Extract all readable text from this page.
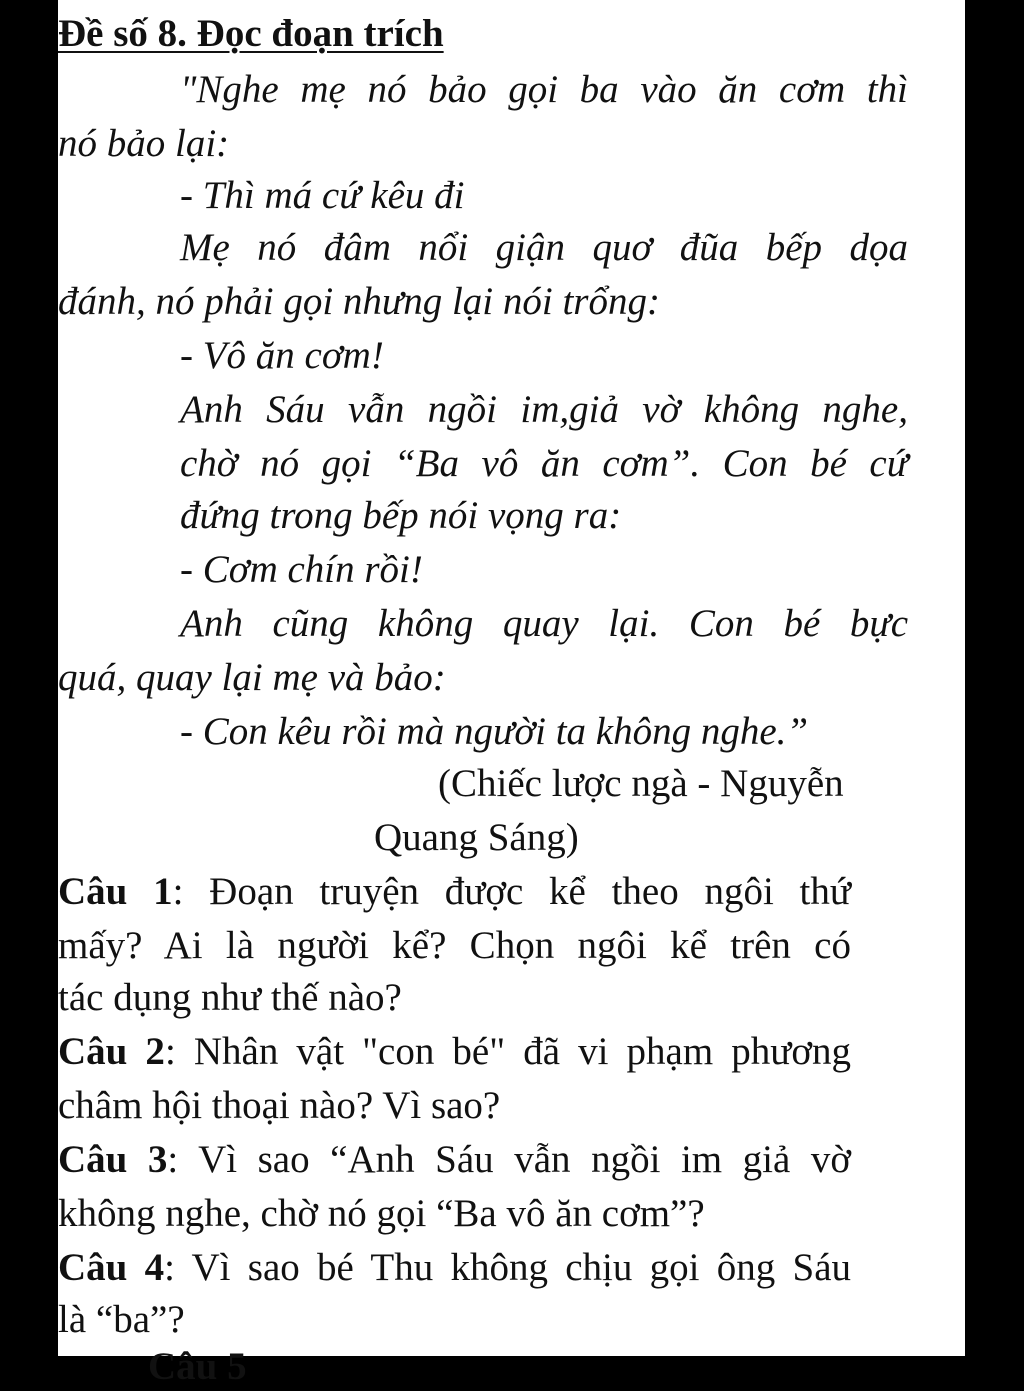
Đề số 8. Đọc đoạn trích
"Nghe mẹ nó bảo gọi ba vào ăn cơm thì
nó bảo lại:
- Thì má cứ kêu đi
Mẹ nó đâm nổi giận quơ đũa bếp dọa
đánh, nó phải gọi nhưng lại nói trổng:
- Vô ăn cơm!
Anh Sáu vẫn ngồi im,giả vờ không nghe,
chờ nó gọi “Ba vô ăn cơm”. Con bé cứ
đứng trong bếp nói vọng ra:
- Cơm chín rồi!
Anh cũng không quay lại. Con bé bực
quá, quay lại mẹ và bảo:
- Con kêu rồi mà người ta không nghe.”
(Chiếc lược ngà - Nguyễn
Quang Sáng)
Câu 1: Đoạn truyện được kể theo ngôi thứ
mấy? Ai là người kể? Chọn ngôi kể trên có
tác dụng như thế nào?
Câu 2: Nhân vật "con bé" đã vi phạm phương
châm hội thoại nào? Vì sao?
Câu 3: Vì sao “Anh Sáu vẫn ngồi im giả vờ
không nghe, chờ nó gọi “Ba vô ăn cơm”?
Câu 4: Vì sao bé Thu không chịu gọi ông Sáu
là “ba”?
Câu 5
